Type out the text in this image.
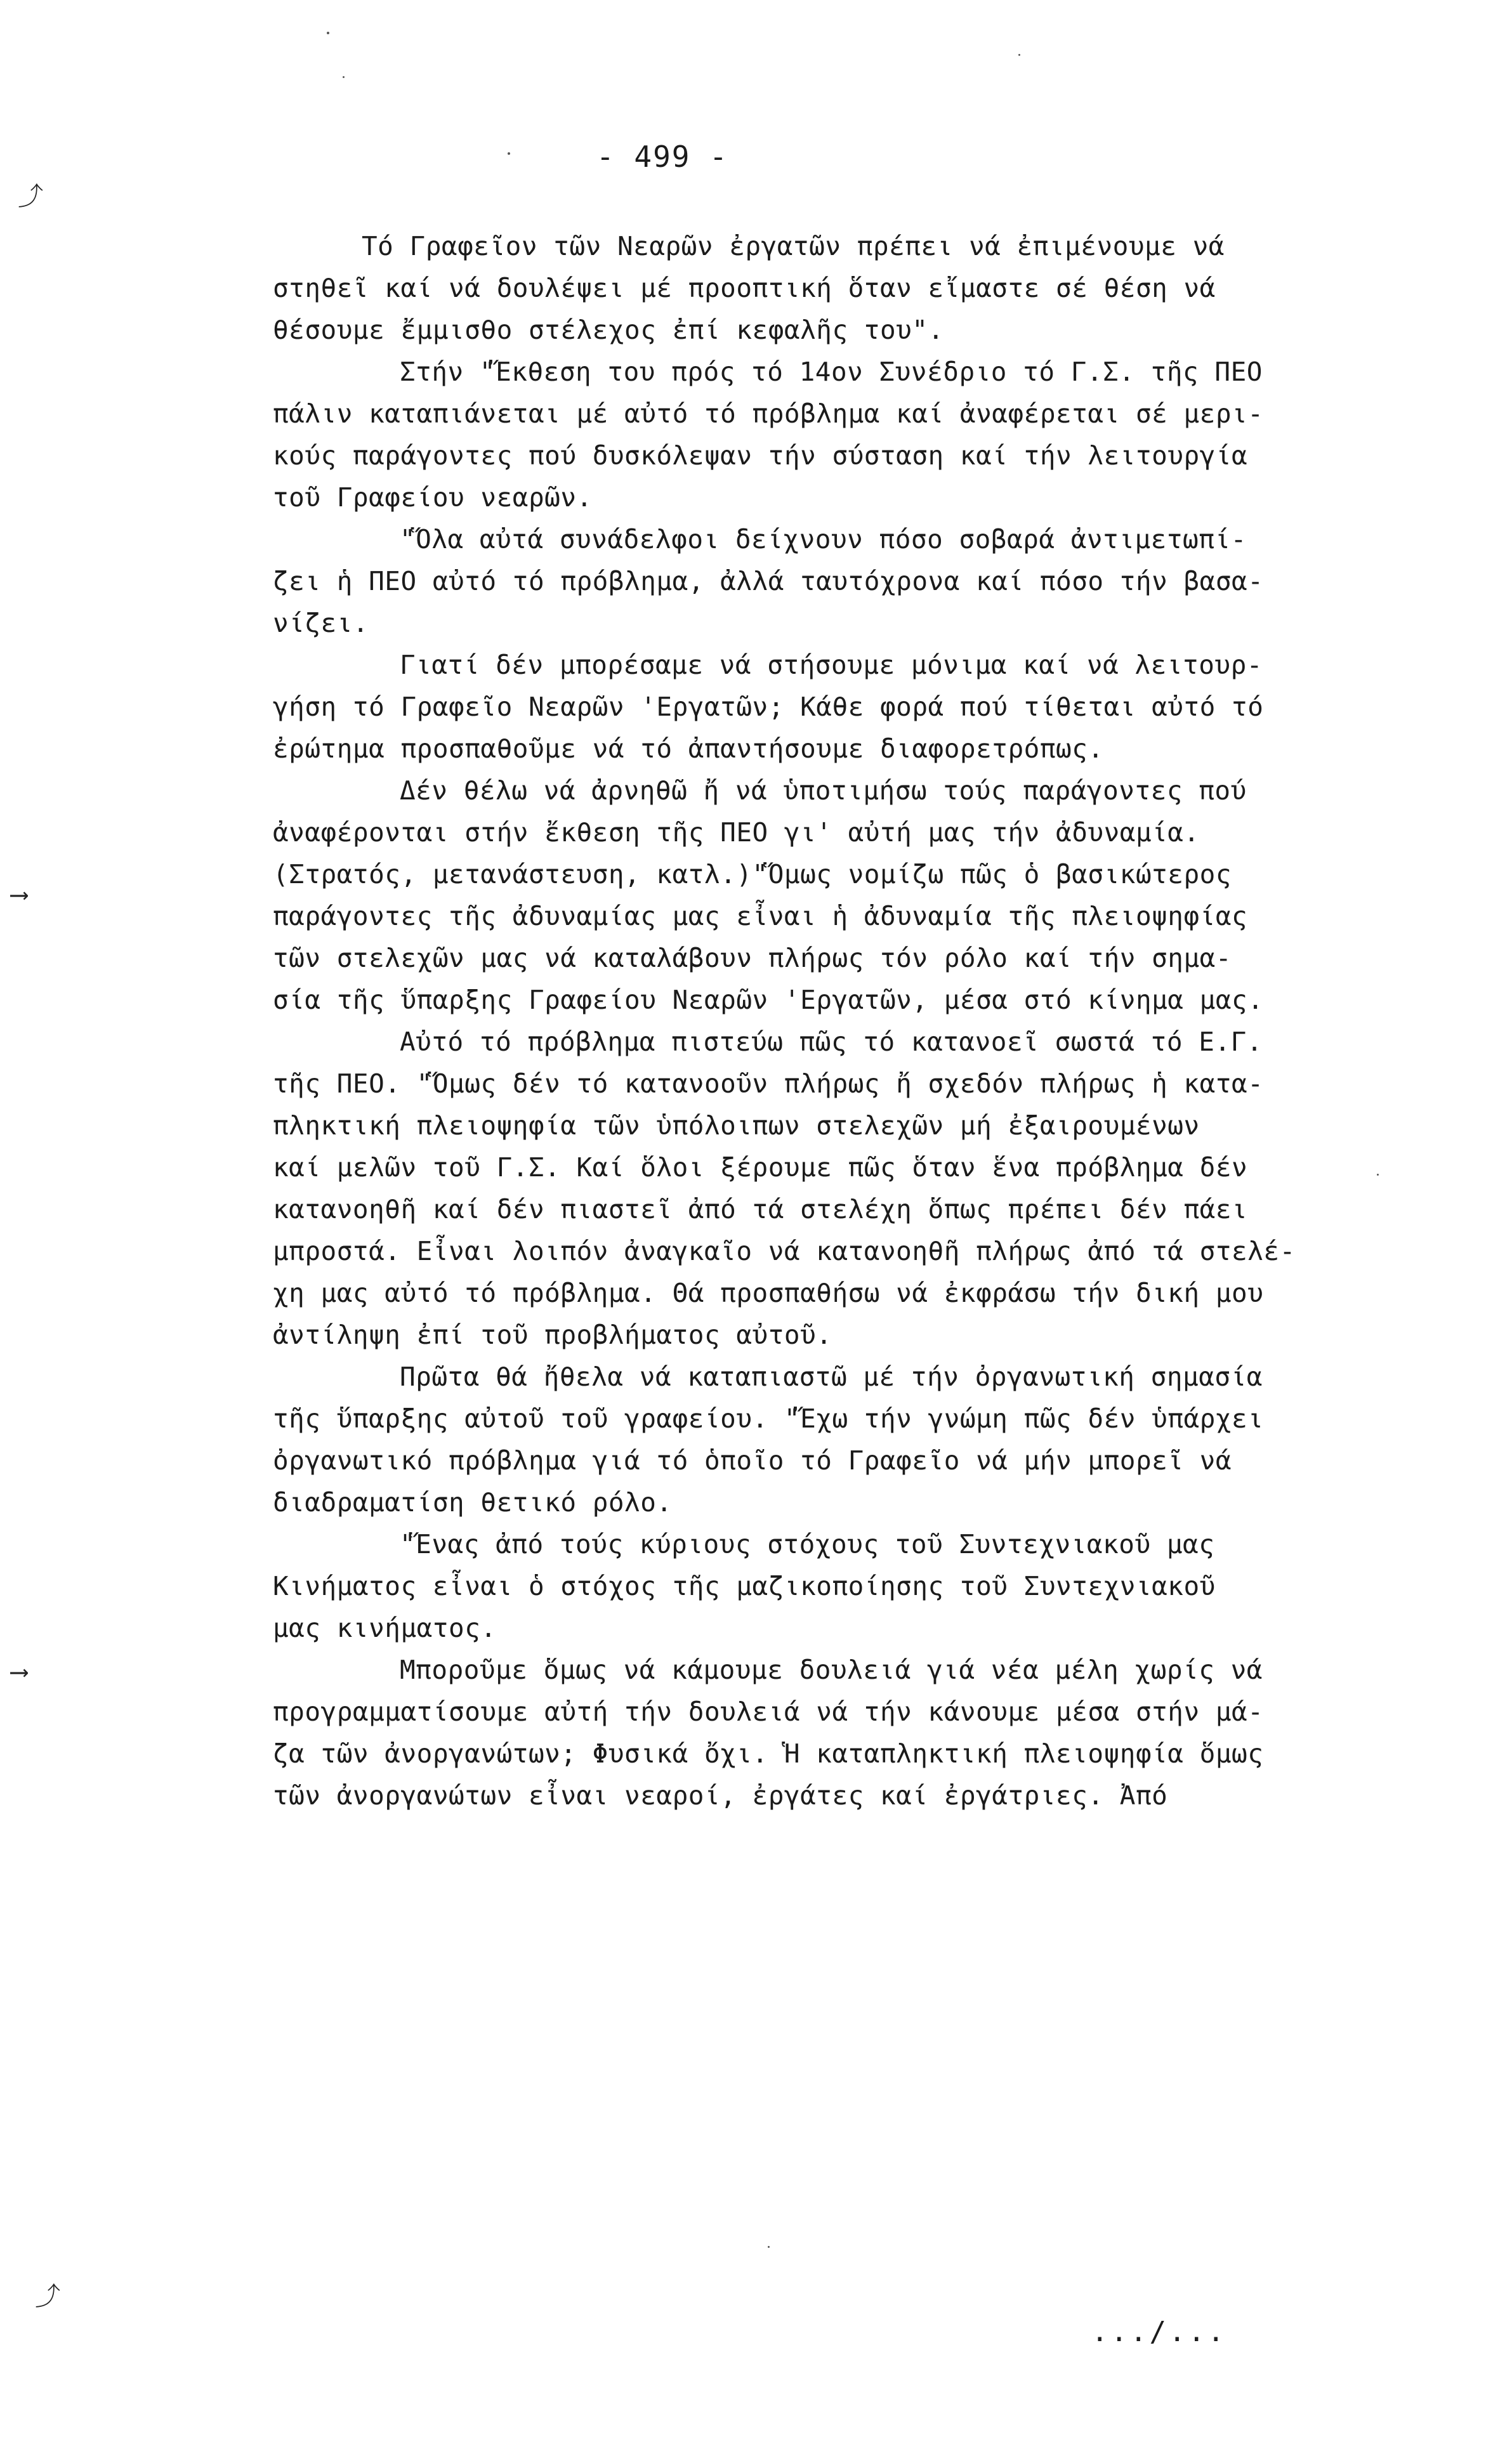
- 499 -
Τό Γραφεῖον τῶν Νεαρῶν ἐργατῶν πρέπει νά ἐπιμένουμε νά
στηθεῖ καί νά δουλέψει μέ προοπτική ὅταν εἴμαστε σέ θέση νά
θέσουμε ἔμμισθο στέλεχος ἐπί κεφαλῆς του".
Στήν "Ἔκθεση του πρός τό 14ον Συνέδριο τό Γ.Σ. τῆς ΠΕΟ
πάλιν καταπιάνεται μέ αὐτό τό πρόβλημα καί ἀναφέρεται σέ μερι-
κούς παράγοντες πού δυσκόλεψαν τήν σύσταση καί τήν λειτουργία
τοῦ Γραφείου νεαρῶν.
"Ὅλα αὐτά συνάδελφοι δείχνουν πόσο σοβαρά ἀντιμετωπί-
ζει ἡ ΠΕΟ αὐτό τό πρόβλημα, ἀλλά ταυτόχρονα καί πόσο τήν βασα-
νίζει.
Γιατί δέν μπορέσαμε νά στήσουμε μόνιμα καί νά λειτουρ-
γήση τό Γραφεῖο Νεαρῶν 'Εργατῶν; Κάθε φορά πού τίθεται αὐτό τό
ἐρώτημα προσπαθοῦμε νά τό ἀπαντήσουμε διαφορετρόπως.
Δέν θέλω νά ἀρνηθῶ ἤ νά ὑποτιμήσω τούς παράγοντες πού
ἀναφέρονται στήν ἔκθεση τῆς ΠΕΟ γι' αὐτή μας τήν ἀδυναμία.
(Στρατός, μετανάστευση, κατλ.)"Ὅμως νομίζω πῶς ὁ βασικώτερος
παράγοντες τῆς ἀδυναμίας μας εἶναι ἡ ἀδυναμία τῆς πλειοψηφίας
τῶν στελεχῶν μας νά καταλάβουν πλήρως τόν ρόλο καί τήν σημα-
σία τῆς ὕπαρξης Γραφείου Νεαρῶν 'Εργατῶν, μέσα στό κίνημα μας.
Αὐτό τό πρόβλημα πιστεύω πῶς τό κατανοεῖ σωστά τό Ε.Γ.
τῆς ΠΕΟ. "Ὅμως δέν τό κατανοοῦν πλήρως ἤ σχεδόν πλήρως ἡ κατα-
πληκτική πλειοψηφία τῶν ὑπόλοιπων στελεχῶν μή ἐξαιρουμένων
καί μελῶν τοῦ Γ.Σ. Καί ὅλοι ξέρουμε πῶς ὅταν ἕνα πρόβλημα δέν
κατανοηθῆ καί δέν πιαστεῖ ἀπό τά στελέχη ὅπως πρέπει δέν πάει
μπροστά. Εἶναι λοιπόν ἀναγκαῖο νά κατανοηθῆ πλήρως ἀπό τά στελέ-
χη μας αὐτό τό πρόβλημα. Θά προσπαθήσω νά ἐκφράσω τήν δική μου
ἀντίληψη ἐπί τοῦ προβλήματος αὐτοῦ.
Πρῶτα θά ἤθελα νά καταπιαστῶ μέ τήν ὀργανωτική σημασία
τῆς ὕπαρξης αὐτοῦ τοῦ γραφείου. "Ἔχω τήν γνώμη πῶς δέν ὑπάρχει
ὀργανωτικό πρόβλημα γιά τό ὁποῖο τό Γραφεῖο νά μήν μπορεῖ νά
διαδραματίση θετικό ρόλο.
"Ἕνας ἀπό τούς κύριους στόχους τοῦ Συντεχνιακοῦ μας
Κινήματος εἶναι ὁ στόχος τῆς μαζικοποίησης τοῦ Συντεχνιακοῦ
μας κινήματος.
Μποροῦμε ὅμως νά κάμουμε δουλειά γιά νέα μέλη χωρίς νά
προγραμματίσουμε αὐτή τήν δουλειά νά τήν κάνουμε μέσα στήν μά-
ζα τῶν ἀνοργανώτων; Φυσικά ὄχι. Ἡ καταπληκτική πλειοψηφία ὅμως
τῶν ἀνοργανώτων εἶναι νεαροί, ἐργάτες καί ἐργάτριες. Ἀπό
.../...
⤴
⟶
⟶
⤴
